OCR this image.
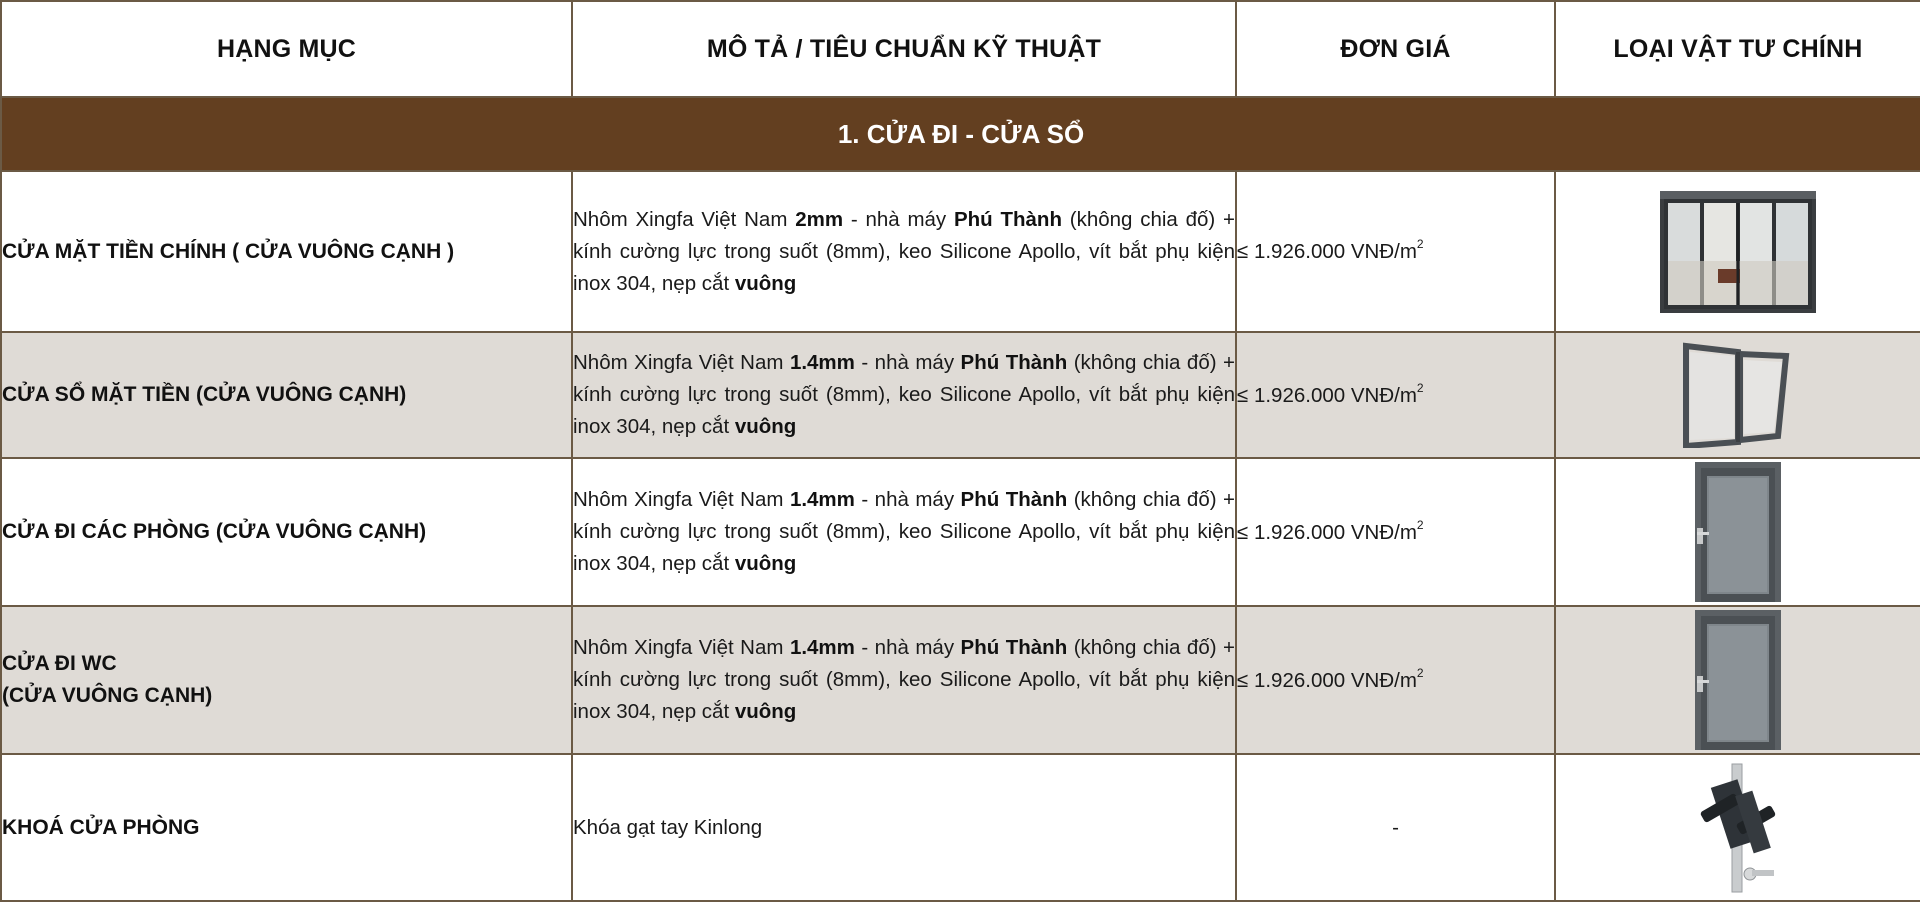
HẠNG MỤC	MÔ TẢ / TIÊU CHUẨN KỸ THUẬT	ĐƠN GIÁ	LOẠI VẬT TƯ CHÍNH
1. CỬA ĐI - CỬA SỔ			
CỬA MẶT TIỀN CHÍNH ( CỬA VUÔNG CẠNH )	Nhôm Xingfa Việt Nam 2mm - nhà máy Phú Thành (không chia đố) + kính cường lực trong suốt (8mm), keo Silicone Apollo, vít bắt phụ kiện inox 304, nẹp cắt vuông	≤ 1.926.000 VNĐ/$m^2$	
CỬA SỔ MẶT TIỀN (CỬA VUÔNG CẠNH)	Nhôm Xingfa Việt Nam 1.4mm - nhà máy Phú Thành (không chia đố) + kính cường lực trong suốt (8mm), keo Silicone Apollo, vít bắt phụ kiện inox 304, nẹp cắt vuông	≤ 1.926.000 VNĐ/$m^2$	
CỬA ĐI CÁC PHÒNG (CỬA VUÔNG CẠNH)	Nhôm Xingfa Việt Nam 1.4mm - nhà máy Phú Thành (không chia đố) + kính cường lực trong suốt (8mm), keo Silicone Apollo, vít bắt phụ kiện inox 304, nẹp cắt vuông	≤ 1.926.000 VNĐ/$m^2$	
CỬA ĐI WC
(CỬA VUÔNG CẠNH)	Nhôm Xingfa Việt Nam 1.4mm - nhà máy Phú Thành (không chia đố) + kính cường lực trong suốt (8mm), keo Silicone Apollo, vít bắt phụ kiện inox 304, nẹp cắt vuông	≤ 1.926.000 VNĐ/$m^2$	
KHOÁ CỬA PHÒNG	Khóa gạt tay Kinlong	-	
